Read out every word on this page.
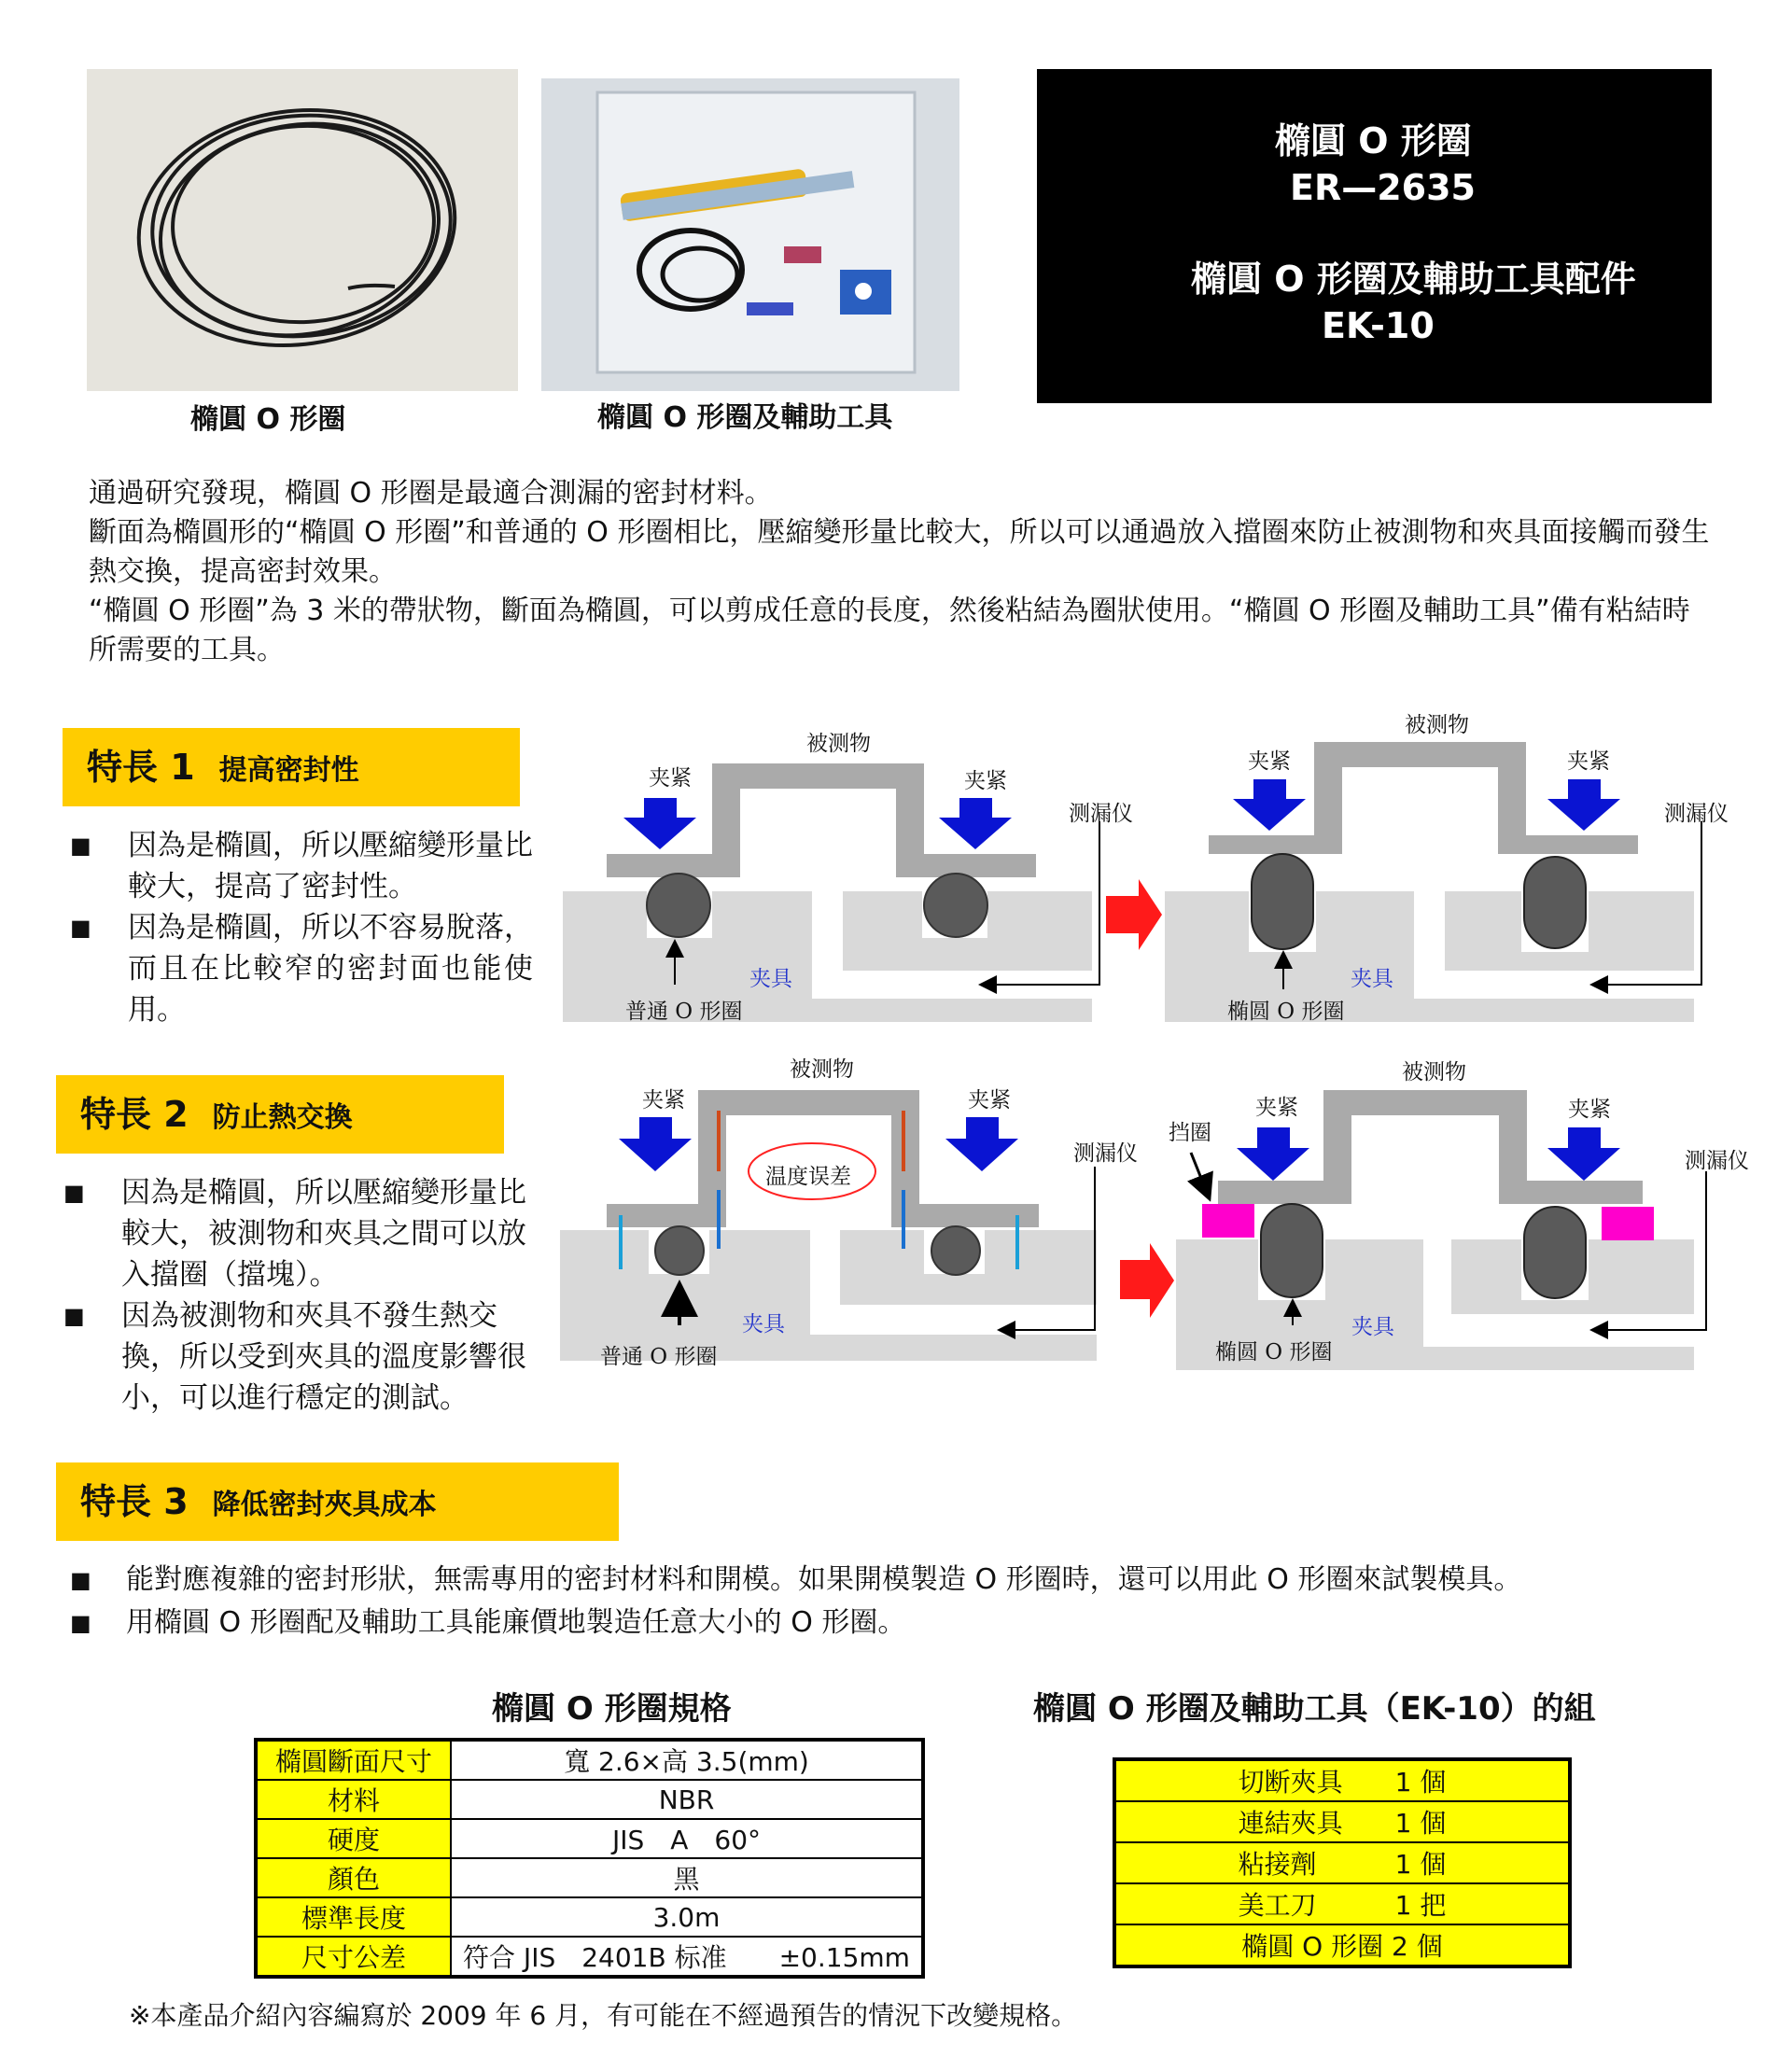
橢圓 O 形圈	橢圓 O 形圈及輔助工具
橢圓 O 形圈
ER—2635
橢圓 O 形圈及輔助工具配件
EK-10

通過研究發現，橢圓 O 形圈是最適合測漏的密封材料。

斷面為橢圓形的“橢圓 O 形圈”和普通的 O 形圈相比，壓縮變形量比較大，所以可以通過放入擋圈來防止被測物和夾具面接觸而發生熱交換，提高密封效果。

“橢圓 O 形圈”為 3 米的帶狀物，斷面為橢圓，可以剪成任意的長度，然後粘結為圈狀使用。“橢圓 O 形圈及輔助工具”備有粘結時所需要的工具。

特長 1 提高密封性
■ 因為是橢圓，所以壓縮變形量比較大，提高了密封性。
■ 因為是橢圓，所以不容易脫落，而且在比較窄的密封面也能使用。
特長 2 防止熱交換
■ 因為是橢圓，所以壓縮變形量比較大，被測物和夾具之間可以放入擋圈（擋塊）。
■ 因為被測物和夾具不發生熱交換，所以受到夾具的溫度影響很小，可以進行穩定的測試。
特長 3 降低密封夾具成本
■ 能對應複雜的密封形狀，無需專用的密封材料和開模。如果開模製造 O 形圈時，還可以用此 O 形圈來試製模具。
■ 用橢圓 O 形圈配及輔助工具能廉價地製造任意大小的 O 形圈。
被测物
夹紧	夹紧
测漏仪
夹具
普通 O 形圈
被测物
夹紧	夹紧
测漏仪
夹具
椭圆 O 形圈
被测物
夹紧	夹紧
温度误差
测漏仪
夹具
普通 O 形圈
被测物
夹紧	夹紧
挡圈
测漏仪
夹具
椭圆 O 形圈
橢圓 O 形圈規格
橢圓斷面尺寸	寬 2.6×高 3.5(mm)
材料	NBR
硬度	JIS　A　60°
顏色	黑
標準長度	3.0m
尺寸公差	符合 JIS　2401B 标准　　±0.15mm
橢圓 O 形圈及輔助工具（EK-10）的組
切断夾具　　1 個
連結夾具　　1 個
粘接劑　　　1 個
美工刀　　　1 把
橢圓 O 形圈 2 個
※本產品介紹內容編寫於 2009 年 6 月，有可能在不經過預告的情況下改變規格。
